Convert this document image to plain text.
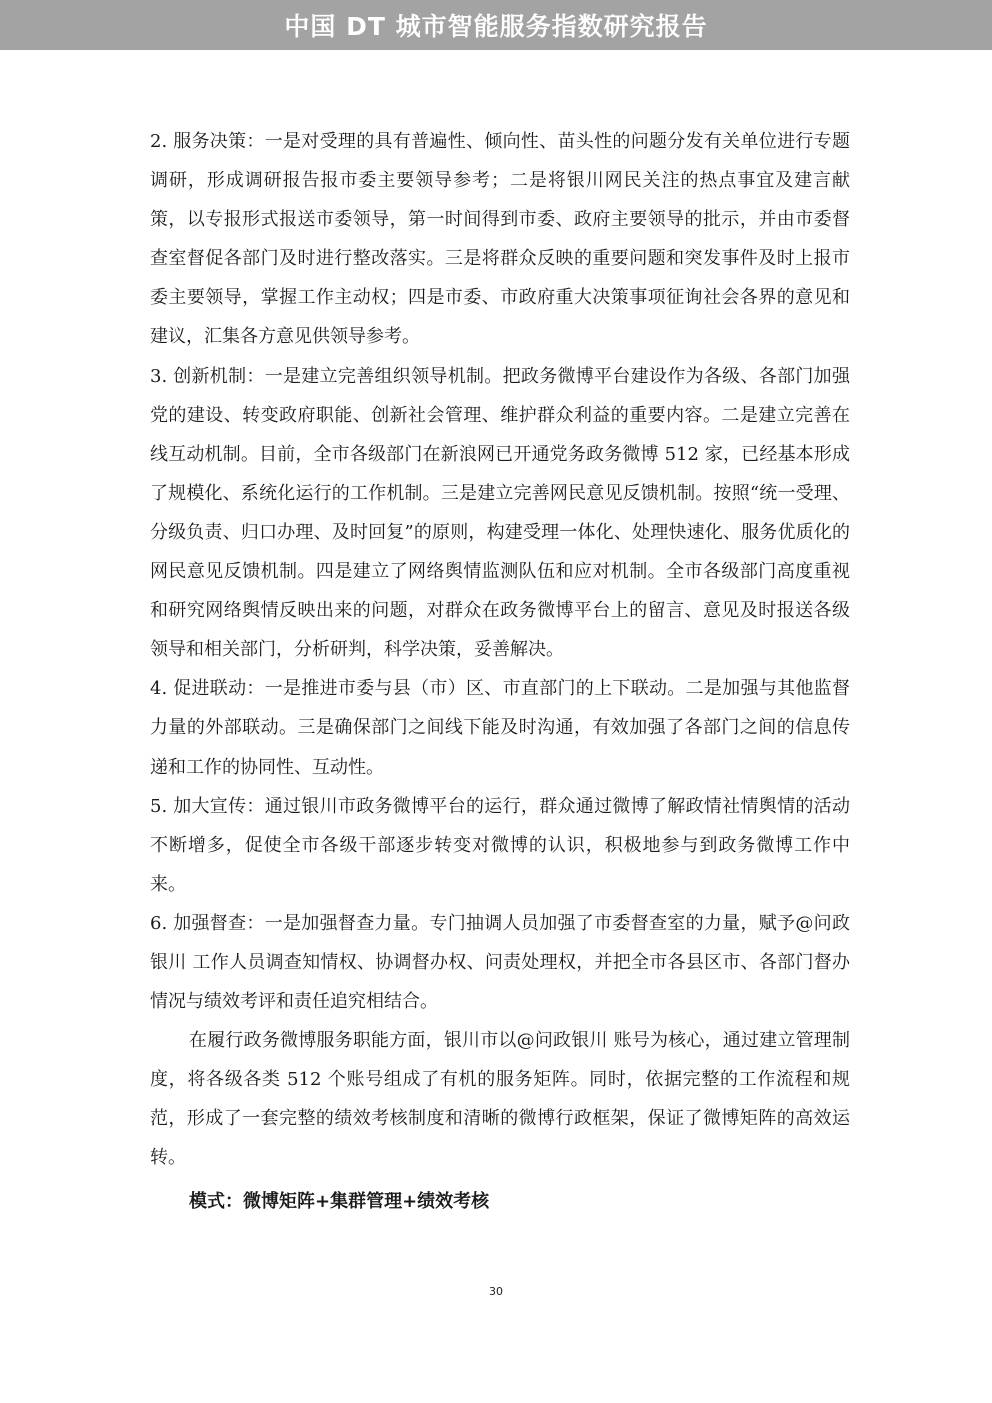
中国 DT 城市智能服务指数研究报告

2. 服务决策：一是对受理的具有普遍性、倾向性、苗头性的问题分发有关单位进行专题调研，形成调研报告报市委主要领导参考；二是将银川网民关注的热点事宜及建言献策，以专报形式报送市委领导，第一时间得到市委、政府主要领导的批示，并由市委督查室督促各部门及时进行整改落实。三是将群众反映的重要问题和突发事件及时上报市委主要领导，掌握工作主动权；四是市委、市政府重大决策事项征询社会各界的意见和建议，汇集各方意见供领导参考。

3. 创新机制：一是建立完善组织领导机制。把政务微博平台建设作为各级、各部门加强党的建设、转变政府职能、创新社会管理、维护群众利益的重要内容。二是建立完善在线互动机制。目前，全市各级部门在新浪网已开通党务政务微博 512 家，已经基本形成了规模化、系统化运行的工作机制。三是建立完善网民意见反馈机制。按照“统一受理、分级负责、归口办理、及时回复”的原则，构建受理一体化、处理快速化、服务优质化的网民意见反馈机制。四是建立了网络舆情监测队伍和应对机制。全市各级部门高度重视和研究网络舆情反映出来的问题，对群众在政务微博平台上的留言、意见及时报送各级领导和相关部门，分析研判，科学决策，妥善解决。

4. 促进联动：一是推进市委与县（市）区、市直部门的上下联动。二是加强与其他监督力量的外部联动。三是确保部门之间线下能及时沟通，有效加强了各部门之间的信息传递和工作的协同性、互动性。

5. 加大宣传：通过银川市政务微博平台的运行，群众通过微博了解政情社情舆情的活动不断增多，促使全市各级干部逐步转变对微博的认识，积极地参与到政务微博工作中来。

6. 加强督查：一是加强督查力量。专门抽调人员加强了市委督查室的力量，赋予@问政银川 工作人员调查知情权、协调督办权、问责处理权，并把全市各县区市、各部门督办情况与绩效考评和责任追究相结合。

在履行政务微博服务职能方面，银川市以@问政银川 账号为核心，通过建立管理制度，将各级各类 512 个账号组成了有机的服务矩阵。同时，依据完整的工作流程和规范，形成了一套完整的绩效考核制度和清晰的微博行政框架，保证了微博矩阵的高效运转。

模式：微博矩阵+集群管理+绩效考核

30
